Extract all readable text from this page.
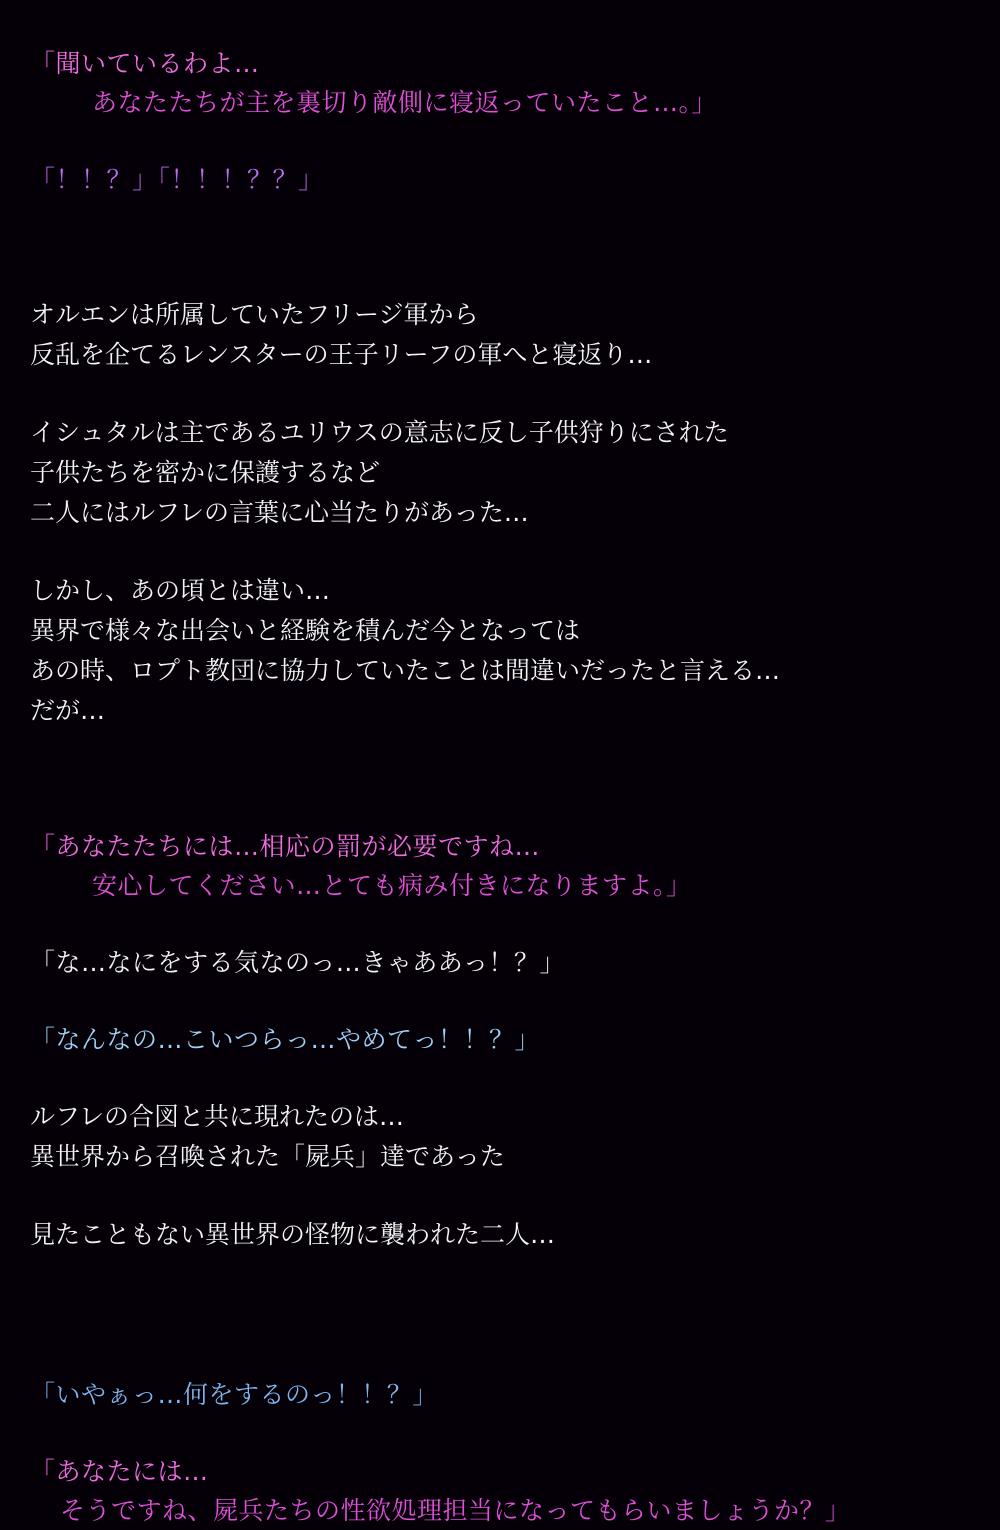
「聞いているわよ…
あなたたちが主を裏切り敵側に寝返っていたこと…。」
「！！？」「！！！？？」
オルエンは所属していたフリージ軍から
反乱を企てるレンスターの王子リーフの軍へと寝返り…
イシュタルは主であるユリウスの意志に反し子供狩りにされた
子供たちを密かに保護するなど
二人にはルフレの言葉に心当たりがあった…
しかし、あの頃とは違い…
異界で様々な出会いと経験を積んだ今となっては
あの時、ロプト教団に協力していたことは間違いだったと言える…
だが…
「あなたたちには…相応の罰が必要ですね…
安心してください…とても病み付きになりますよ。」
「な…なにをする気なのっ…きゃああっ！？」
「なんなの…こいつらっ…やめてっ！！？」
ルフレの合図と共に現れたのは…
異世界から召喚された「屍兵」達であった
見たこともない異世界の怪物に襲われた二人…
「いやぁっ…何をするのっ！！？」
「あなたには…
そうですね、屍兵たちの性欲処理担当になってもらいましょうか？」
